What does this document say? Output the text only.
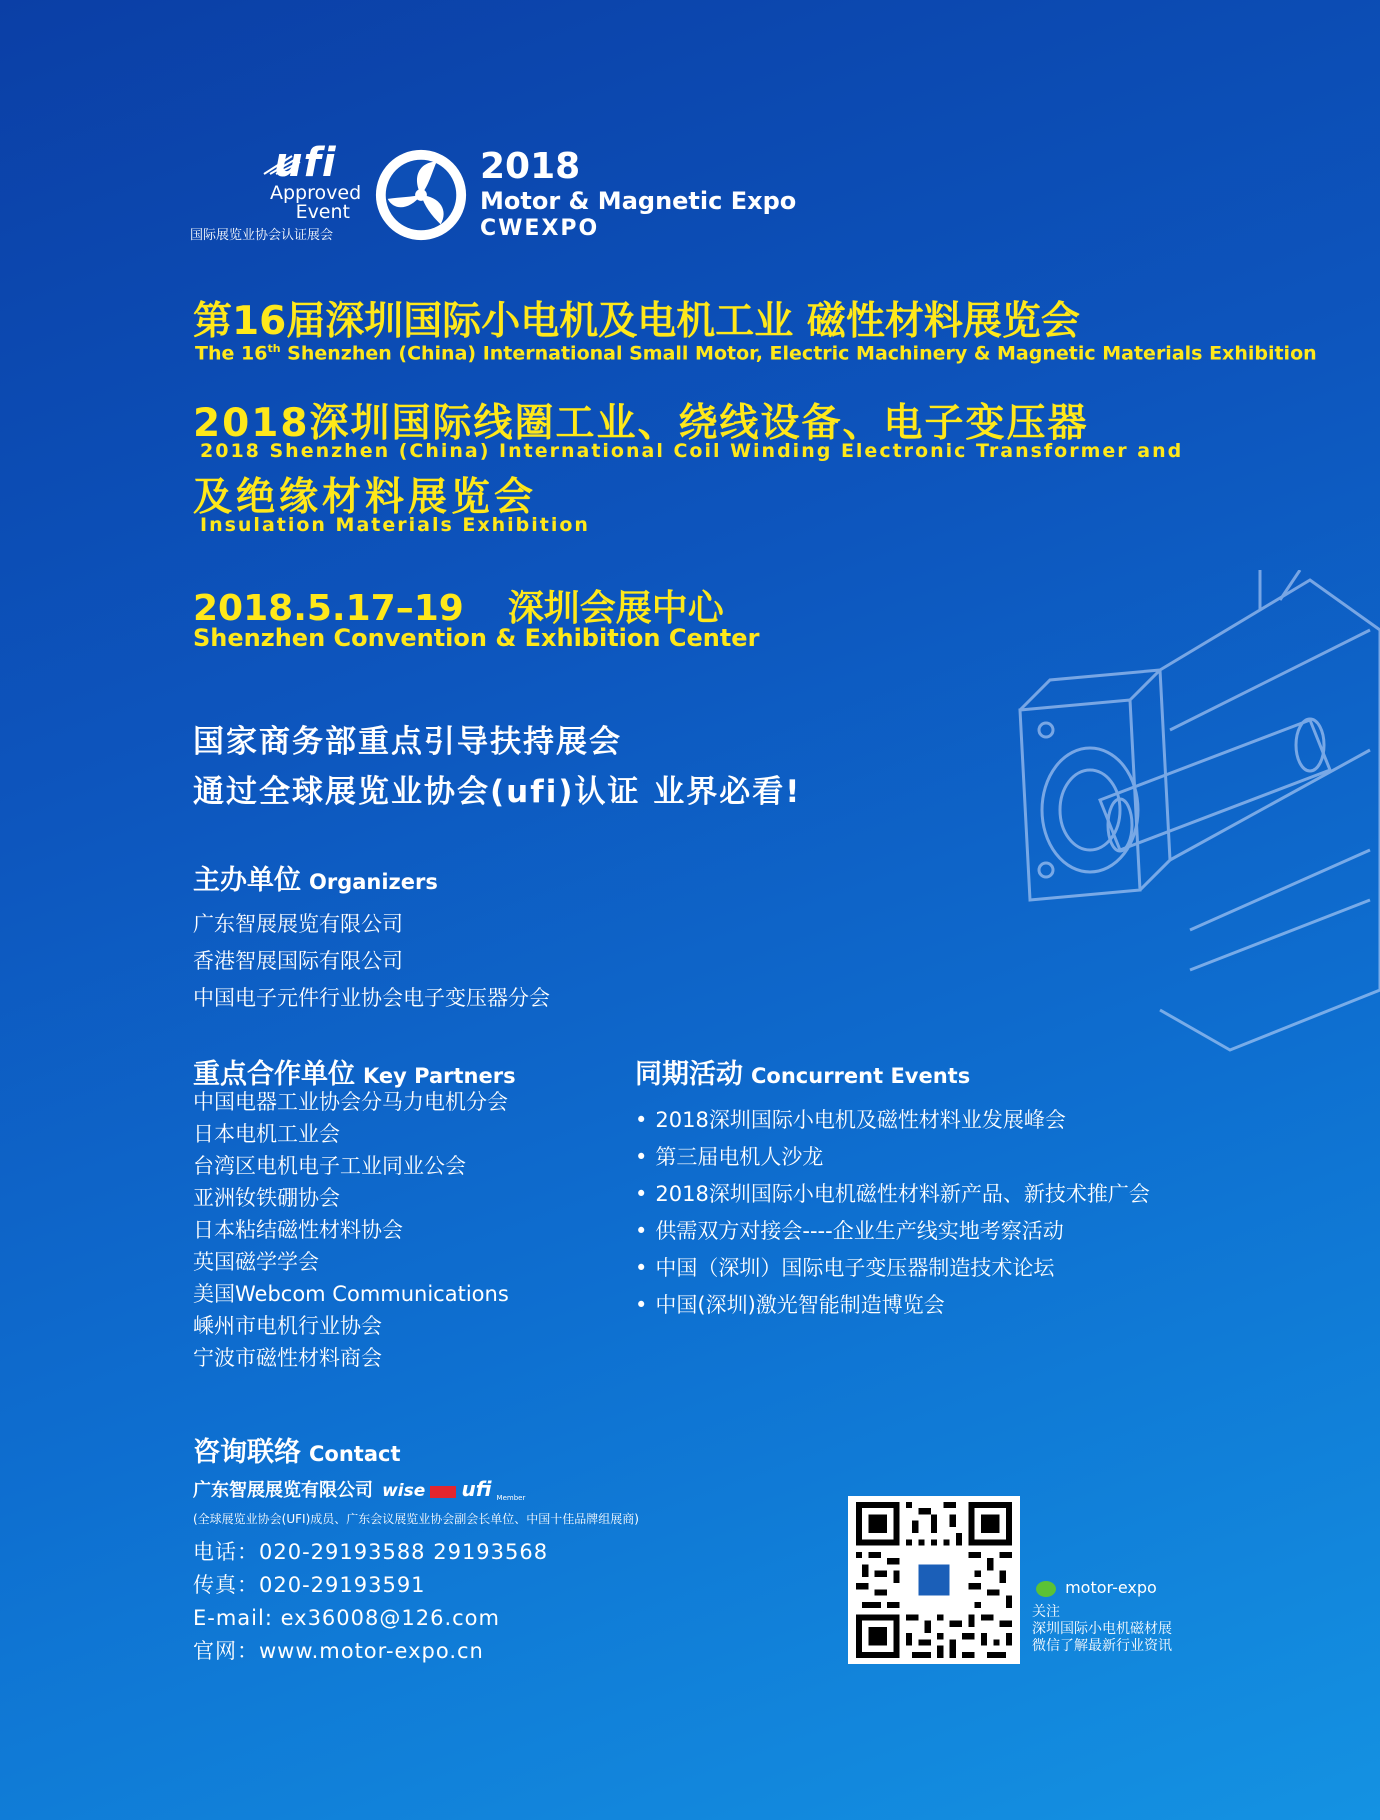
ufi
Approved
Event
国际展览业协会认证展会
2018
Motor & Magnetic Expo
CWEXPO
第16届深圳国际小电机及电机工业 磁性材料展览会
The 16th Shenzhen (China) International Small Motor, Electric Machinery & Magnetic Materials Exhibition
2018深圳国际线圈工业、绕线设备、电子变压器
2018 Shenzhen (China) International Coil Winding Electronic Transformer and
及绝缘材料展览会
Insulation Materials Exhibition
2018.5.17–19 深圳会展中心
Shenzhen Convention & Exhibition Center
国家商务部重点引导扶持展会
通过全球展览业协会(ufi)认证 业界必看!
主办单位 Organizers
广东智展展览有限公司
香港智展国际有限公司
中国电子元件行业协会电子变压器分会
重点合作单位 Key Partners
中国电器工业协会分马力电机分会
日本电机工业会
台湾区电机电子工业同业公会
亚洲钕铁硼协会
日本粘结磁性材料协会
英国磁学学会
美国Webcom Communications
嵊州市电机行业协会
宁波市磁性材料商会
同期活动 Concurrent Events
• 2018深圳国际小电机及磁性材料业发展峰会
• 第三届电机人沙龙
• 2018深圳国际小电机磁性材料新产品、新技术推广会
• 供需双方对接会----企业生产线实地考察活动
• 中国（深圳）国际电子变压器制造技术论坛
• 中国(深圳)激光智能制造博览会
咨询联络 Contact
广东智展展览有限公司 wise ufi Member
(全球展览业协会(UFI)成员、广东会议展览业协会副会长单位、中国十佳品牌组展商)
电话：020-29193588 29193568
传真：020-29193591
E-mail: ex36008@126.com
官网：www.motor-expo.cn
motor-expo
关注
深圳国际小电机磁材展
微信了解最新行业资讯
